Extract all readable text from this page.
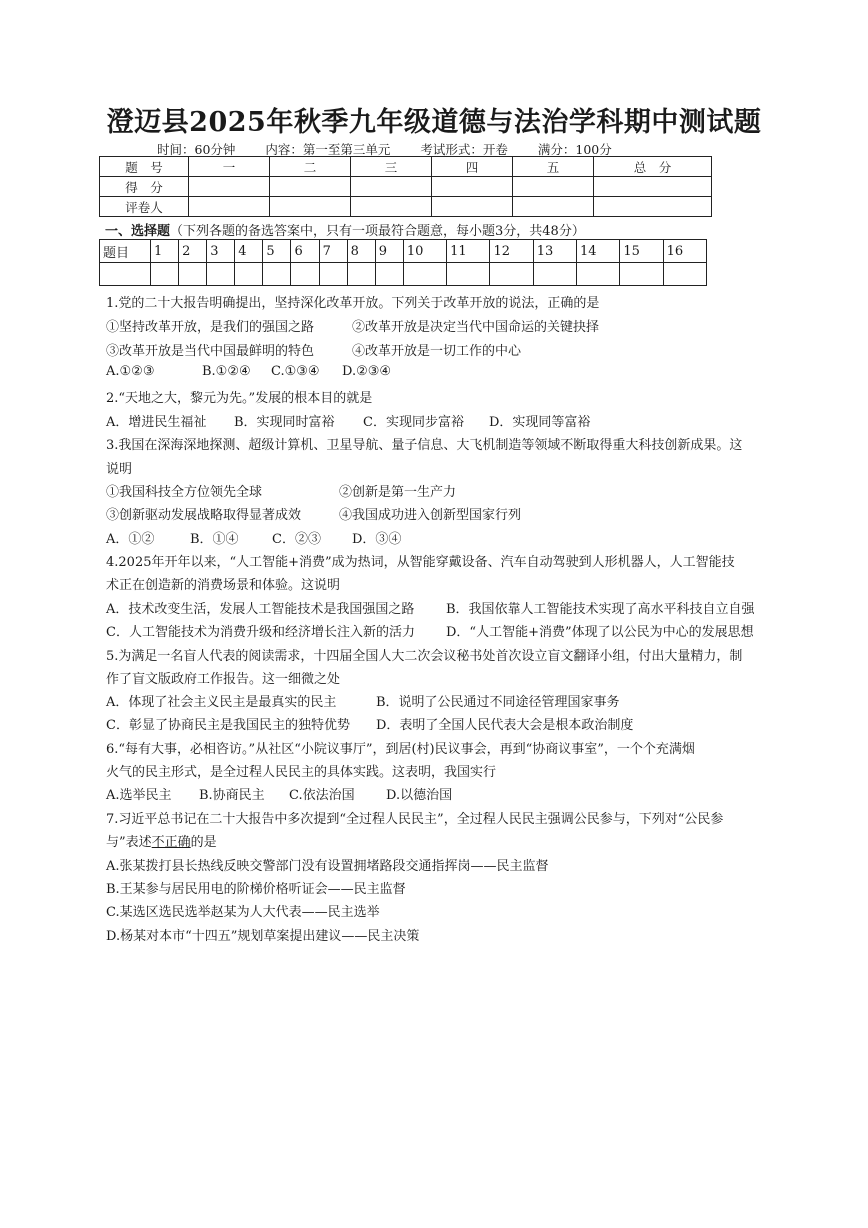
澄迈县2025年秋季九年级道德与法治学科期中测试题
时间：60分钟 内容：第一至第三单元 考试形式：开卷 满分：100分
题　号	一	二	三	四	五	总　分
得　分						
评卷人						
一、选择题（下列各题的备选答案中，只有一项最符合题意，每小题3分，共48分）
题目	1	2	3	4	5	6	7	8	9	10	11	12	13	14	15	16

1.党的二十大报告明确提出，坚持深化改革开放。下列关于改革开放的说法，正确的是
①坚持改革开放，是我们的强国之路	②改革开放是决定当代中国命运的关键抉择
③改革开放是当代中国最鲜明的特色	④改革开放是一切工作的中心
A.①②③	B.①②④ C.①③④ D.②③④
2.“天地之大，黎元为先。”发展的根本目的就是
A．增进民生福祉 B．实现同时富裕 C．实现同步富裕 D．实现同等富裕
3.我国在深海深地探测、超级计算机、卫星导航、量子信息、大飞机制造等领域不断取得重大科技创新成果。这
说明
①我国科技全方位领先全球	②创新是第一生产力
③创新驱动发展战略取得显著成效	④我国成功进入创新型国家行列
A．①②	B．①④	C．②③ D．③④
4.2025年开年以来，“人工智能+消费”成为热词，从智能穿戴设备、汽车自动驾驶到人形机器人，人工智能技
术正在创造新的消费场景和体验。这说明
A．技术改变生活，发展人工智能技术是我国强国之路 B．我国依靠人工智能技术实现了高水平科技自立自强
C．人工智能技术为消费升级和经济增长注入新的活力 D．“人工智能+消费”体现了以公民为中心的发展思想
5.为满足一名盲人代表的阅读需求，十四届全国人大二次会议秘书处首次设立盲文翻译小组，付出大量精力，制
作了盲文版政府工作报告。这一细微之处
A．体现了社会主义民主是最真实的民主	B．说明了公民通过不同途径管理国家事务
C．彰显了协商民主是我国民主的独特优势 D．表明了全国人民代表大会是根本政治制度
6.“每有大事，必相咨访。”从社区“小院议事厅”，到居(村)民议事会，再到“协商议事室”，一个个充满烟
火气的民主形式，是全过程人民民主的具体实践。这表明，我国实行
A.选举民主 B.协商民主 C.依法治国 D.以德治国
7.习近平总书记在二十大报告中多次提到“全过程人民民主”，全过程人民民主强调公民参与，下列对“公民参
与”表述不正确的是
A.张某拨打县长热线反映交警部门没有设置拥堵路段交通指挥岗——民主监督
B.王某参与居民用电的阶梯价格听证会——民主监督
C.某选区选民选举赵某为人大代表——民主选举
D.杨某对本市“十四五”规划草案提出建议——民主决策
